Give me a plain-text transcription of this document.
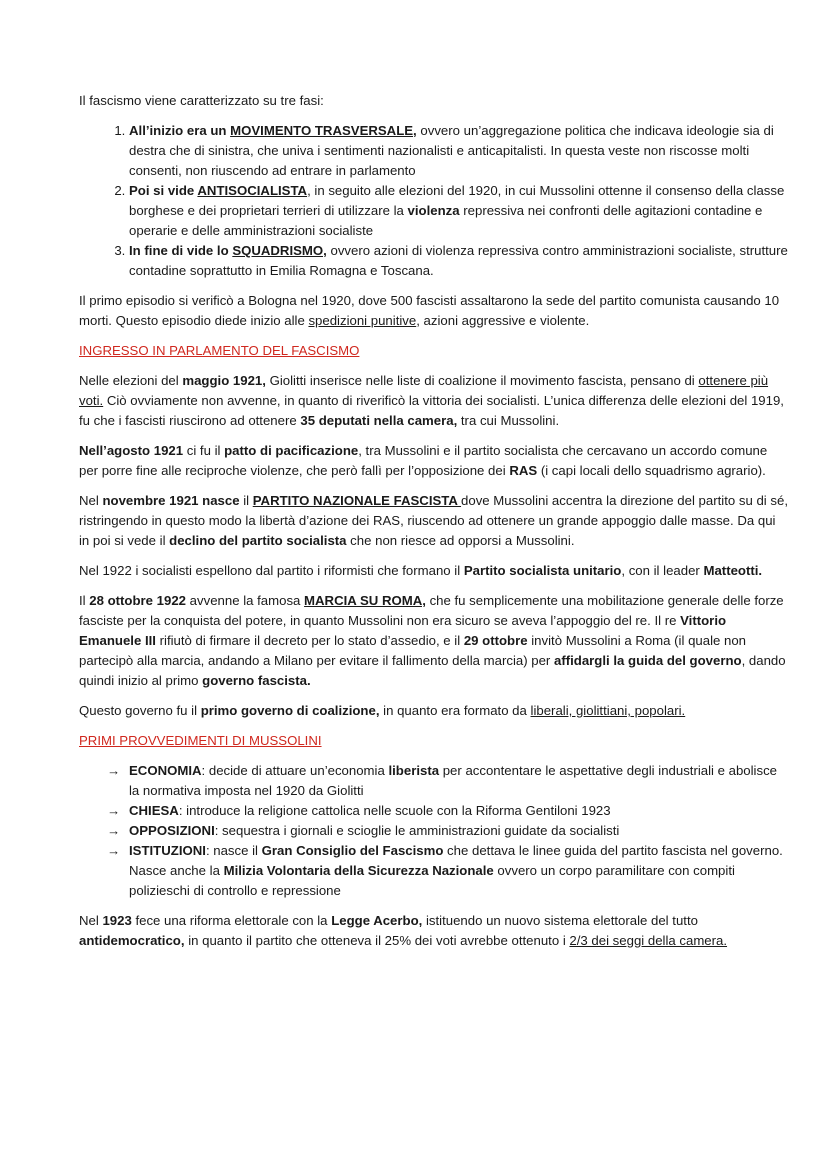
Il fascismo viene caratterizzato su tre fasi:

1. All’inizio era un MOVIMENTO TRASVERSALE, ovvero un’aggregazione politica che indicava ideologie sia di destra che di sinistra, che univa i sentimenti nazionalisti e anticapitalisti. In questa veste non riscosse molti consenti, non riuscendo ad entrare in parlamento
2. Poi si vide ANTISOCIALISTA, in seguito alle elezioni del 1920, in cui Mussolini ottenne il consenso della classe borghese e dei proprietari terrieri di utilizzare la violenza repressiva nei confronti delle agitazioni contadine e operarie e delle amministrazioni socialiste
3. In fine di vide lo SQUADRISMO, ovvero azioni di violenza repressiva contro amministrazioni socialiste, strutture contadine soprattutto in Emilia Romagna e Toscana.

Il primo episodio si verificò a Bologna nel 1920, dove 500 fascisti assaltarono la sede del partito comunista causando 10 morti. Questo episodio diede inizio alle spedizioni punitive, azioni aggressive e violente.

INGRESSO IN PARLAMENTO DEL FASCISMO

Nelle elezioni del maggio 1921, Giolitti inserisce nelle liste di coalizione il movimento fascista, pensano di ottenere più voti. Ciò ovviamente non avvenne, in quanto di riverificò la vittoria dei socialisti. L’unica differenza delle elezioni del 1919, fu che i fascisti riuscirono ad ottenere 35 deputati nella camera, tra cui Mussolini.

Nell’agosto 1921 ci fu il patto di pacificazione, tra Mussolini e il partito socialista che cercavano un accordo comune per porre fine alle reciproche violenze, che però fallì per l’opposizione dei RAS (i capi locali dello squadrismo agrario).

Nel novembre 1921 nasce il PARTITO NAZIONALE FASCISTA dove Mussolini accentra la direzione del partito su di sé, ristringendo in questo modo la libertà d’azione dei RAS, riuscendo ad ottenere un grande appoggio dalle masse. Da qui in poi si vede il declino del partito socialista che non riesce ad opporsi a Mussolini.

Nel 1922 i socialisti espellono dal partito i riformisti che formano il Partito socialista unitario, con il leader Matteotti.

Il 28 ottobre 1922 avvenne la famosa MARCIA SU ROMA, che fu semplicemente una mobilitazione generale delle forze fasciste per la conquista del potere, in quanto Mussolini non era sicuro se aveva l’appoggio del re. Il re Vittorio Emanuele III rifiutò di firmare il decreto per lo stato d’assedio, e il 29 ottobre invitò Mussolini a Roma (il quale non partecipò alla marcia, andando a Milano per evitare il fallimento della marcia) per affidargli la guida del governo, dando quindi inizio al primo governo fascista.

Questo governo fu il primo governo di coalizione, in quanto era formato da liberali, giolittiani, popolari.

PRIMI PROVVEDIMENTI DI MUSSOLINI

→ ECONOMIA: decide di attuare un’economia liberista per accontentare le aspettative degli industriali e abolisce la normativa imposta nel 1920 da Giolitti
→ CHIESA: introduce la religione cattolica nelle scuole con la Riforma Gentiloni 1923
→ OPPOSIZIONI: sequestra i giornali e scioglie le amministrazioni guidate da socialisti
→ ISTITUZIONI: nasce il Gran Consiglio del Fascismo che dettava le linee guida del partito fascista nel governo. Nasce anche la Milizia Volontaria della Sicurezza Nazionale ovvero un corpo paramilitare con compiti polizieschi di controllo e repressione

Nel 1923 fece una riforma elettorale con la Legge Acerbo, istituendo un nuovo sistema elettorale del tutto antidemocratico, in quanto il partito che otteneva il 25% dei voti avrebbe ottenuto i 2/3 dei seggi della camera.
